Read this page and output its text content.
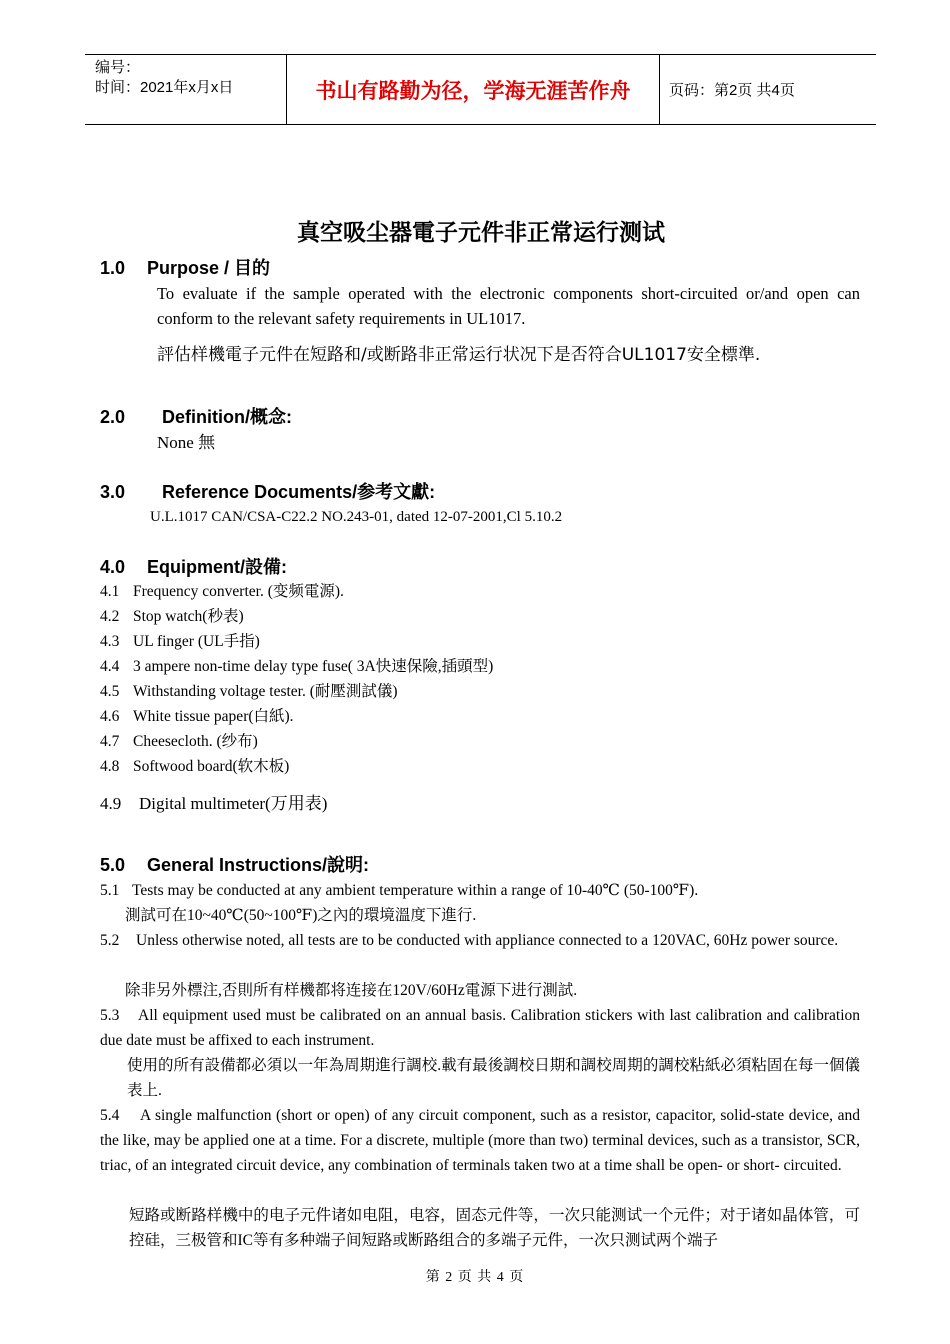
编号：
时间：2021年x月x日	书山有路勤为径，学海无涯苦作舟	页码：第2页 共4页
真空吸尘器電子元件非正常运行测试
1.0 Purpose / 目的
To evaluate if the sample operated with the electronic components short-circuited or/and open can conform to the relevant safety requirements in UL1017.
評估样機電子元件在短路和/或断路非正常运行状况下是否符合UL1017安全標準.
2.0 Definition/概念:
None 無
3.0 Reference Documents/参考文獻:
U.L.1017 CAN/CSA-C22.2 NO.243-01, dated 12-07-2001,Cl 5.10.2
4.0 Equipment/設備:
4.1 Frequency converter. (变频電源).
4.2 Stop watch(秒表)
4.3 UL finger (UL手指)
4.4 3 ampere non-time delay type fuse( 3A快速保險,插頭型)
4.5 Withstanding voltage tester. (耐壓測試儀)
4.6 White tissue paper(白紙).
4.7 Cheesecloth. (纱布)
4.8 Softwood board(软木板)
4.9 Digital multimeter(万用表)
5.0 General Instructions/說明:
5.1 Tests may be conducted at any ambient temperature within a range of 10-40℃ (50-100℉).
測試可在10~40℃(50~100℉)之內的環境溫度下進行.
5.2 Unless otherwise noted, all tests are to be conducted with appliance connected to a 120VAC, 60Hz power source.
除非另外標注,否則所有样機都将连接在120V/60Hz電源下进行測試.
5.3 All equipment used must be calibrated on an annual basis. Calibration stickers with last calibration and calibration due date must be affixed to each instrument.
使用的所有設備都必須以一年為周期進行調校.載有最後調校日期和調校周期的調校粘紙必須粘固在每一個儀表上.
5.4 A single malfunction (short or open) of any circuit component, such as a resistor, capacitor, solid-state device, and the like, may be applied one at a time. For a discrete, multiple (more than two) terminal devices, such as a transistor, SCR, triac, of an integrated circuit device, any combination of terminals taken two at a time shall be open- or short- circuited.
短路或断路样機中的电子元件诸如电阻，电容，固态元件等，一次只能测试一个元件；对于诸如晶体管，可控硅，三极管和IC等有多种端子间短路或断路组合的多端子元件，一次只测试两个端子
第 2 页 共 4 页
